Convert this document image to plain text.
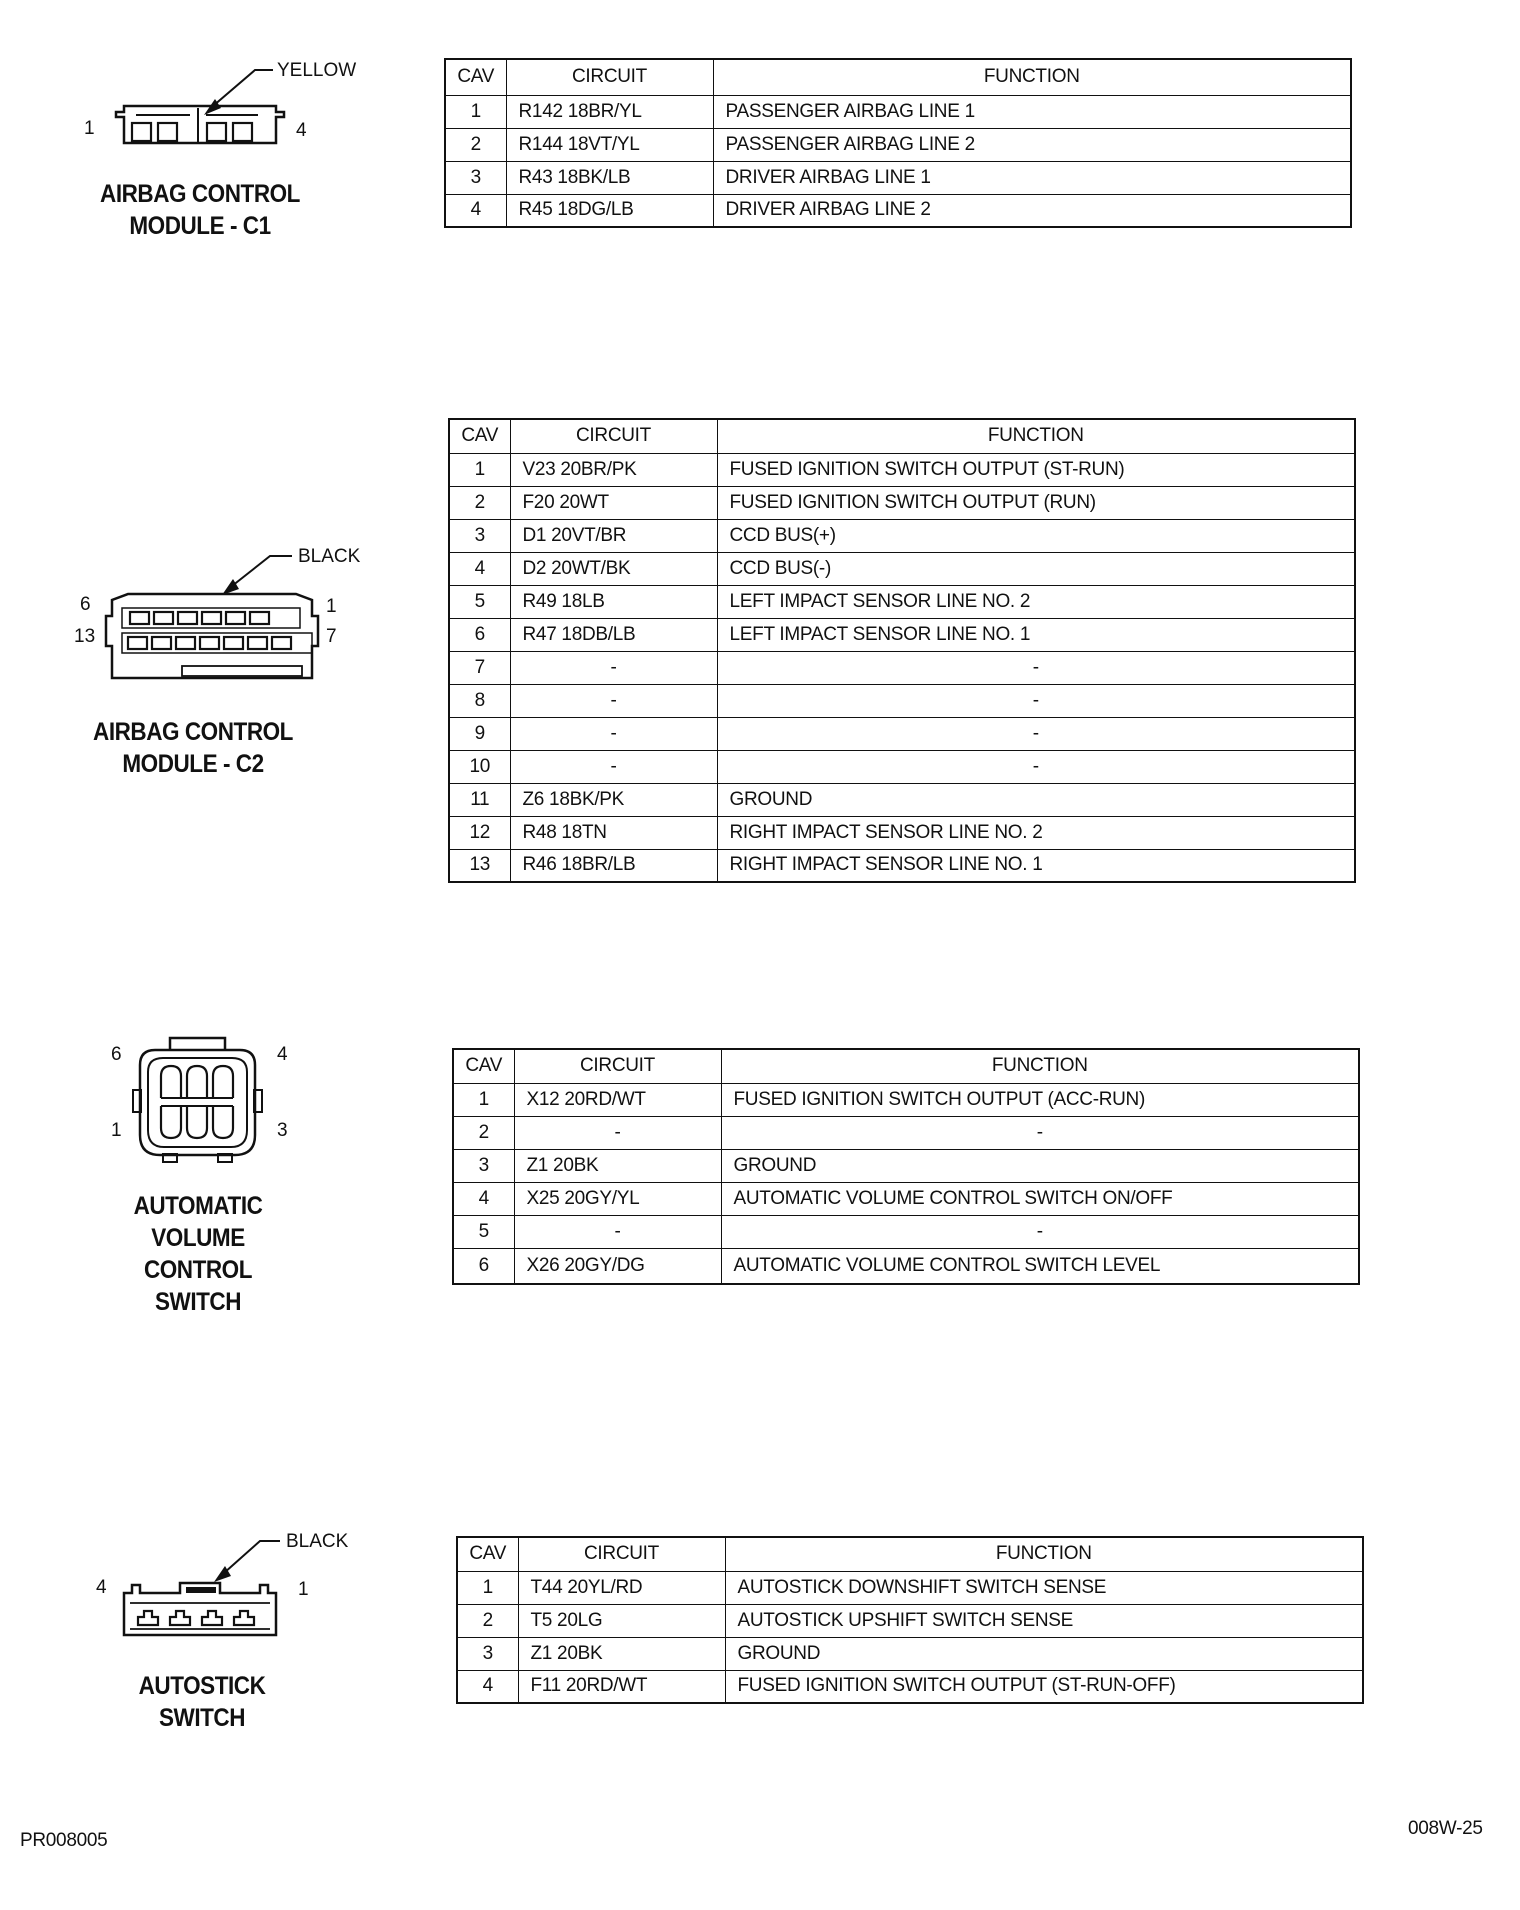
YELLOW
1	4
AIRBAG CONTROL
MODULE - C1
CAV	CIRCUIT	FUNCTION
1	R142 18BR/YL	PASSENGER AIRBAG LINE 1
2	R144 18VT/YL	PASSENGER AIRBAG LINE 2
3	R43 18BK/LB	DRIVER AIRBAG LINE 1
4	R45 18DG/LB	DRIVER AIRBAG LINE 2
BLACK
6	1
13	7
AIRBAG CONTROL
MODULE - C2
CAV	CIRCUIT	FUNCTION
1	V23 20BR/PK	FUSED IGNITION SWITCH OUTPUT (ST-RUN)
2	F20 20WT	FUSED IGNITION SWITCH OUTPUT (RUN)
3	D1 20VT/BR	CCD BUS(+)
4	D2 20WT/BK	CCD BUS(-)
5	R49 18LB	LEFT IMPACT SENSOR LINE NO. 2
6	R47 18DB/LB	LEFT IMPACT SENSOR LINE NO. 1
7	-	-
8	-	-
9	-	-
10	-	-
11	Z6 18BK/PK	GROUND
12	R48 18TN	RIGHT IMPACT SENSOR LINE NO. 2
13	R46 18BR/LB	RIGHT IMPACT SENSOR LINE NO. 1
6	4
1	3
AUTOMATIC
VOLUME
CONTROL
SWITCH
CAV	CIRCUIT	FUNCTION
1	X12 20RD/WT	FUSED IGNITION SWITCH OUTPUT (ACC-RUN)
2	-	-
3	Z1 20BK	GROUND
4	X25 20GY/YL	AUTOMATIC VOLUME CONTROL SWITCH ON/OFF
5	-	-
6	X26 20GY/DG	AUTOMATIC VOLUME CONTROL SWITCH LEVEL
BLACK
4	1
AUTOSTICK
SWITCH
CAV	CIRCUIT	FUNCTION
1	T44 20YL/RD	AUTOSTICK DOWNSHIFT SWITCH SENSE
2	T5 20LG	AUTOSTICK UPSHIFT SWITCH SENSE
3	Z1 20BK	GROUND
4	F11 20RD/WT	FUSED IGNITION SWITCH OUTPUT (ST-RUN-OFF)
PR008005
008W-25
